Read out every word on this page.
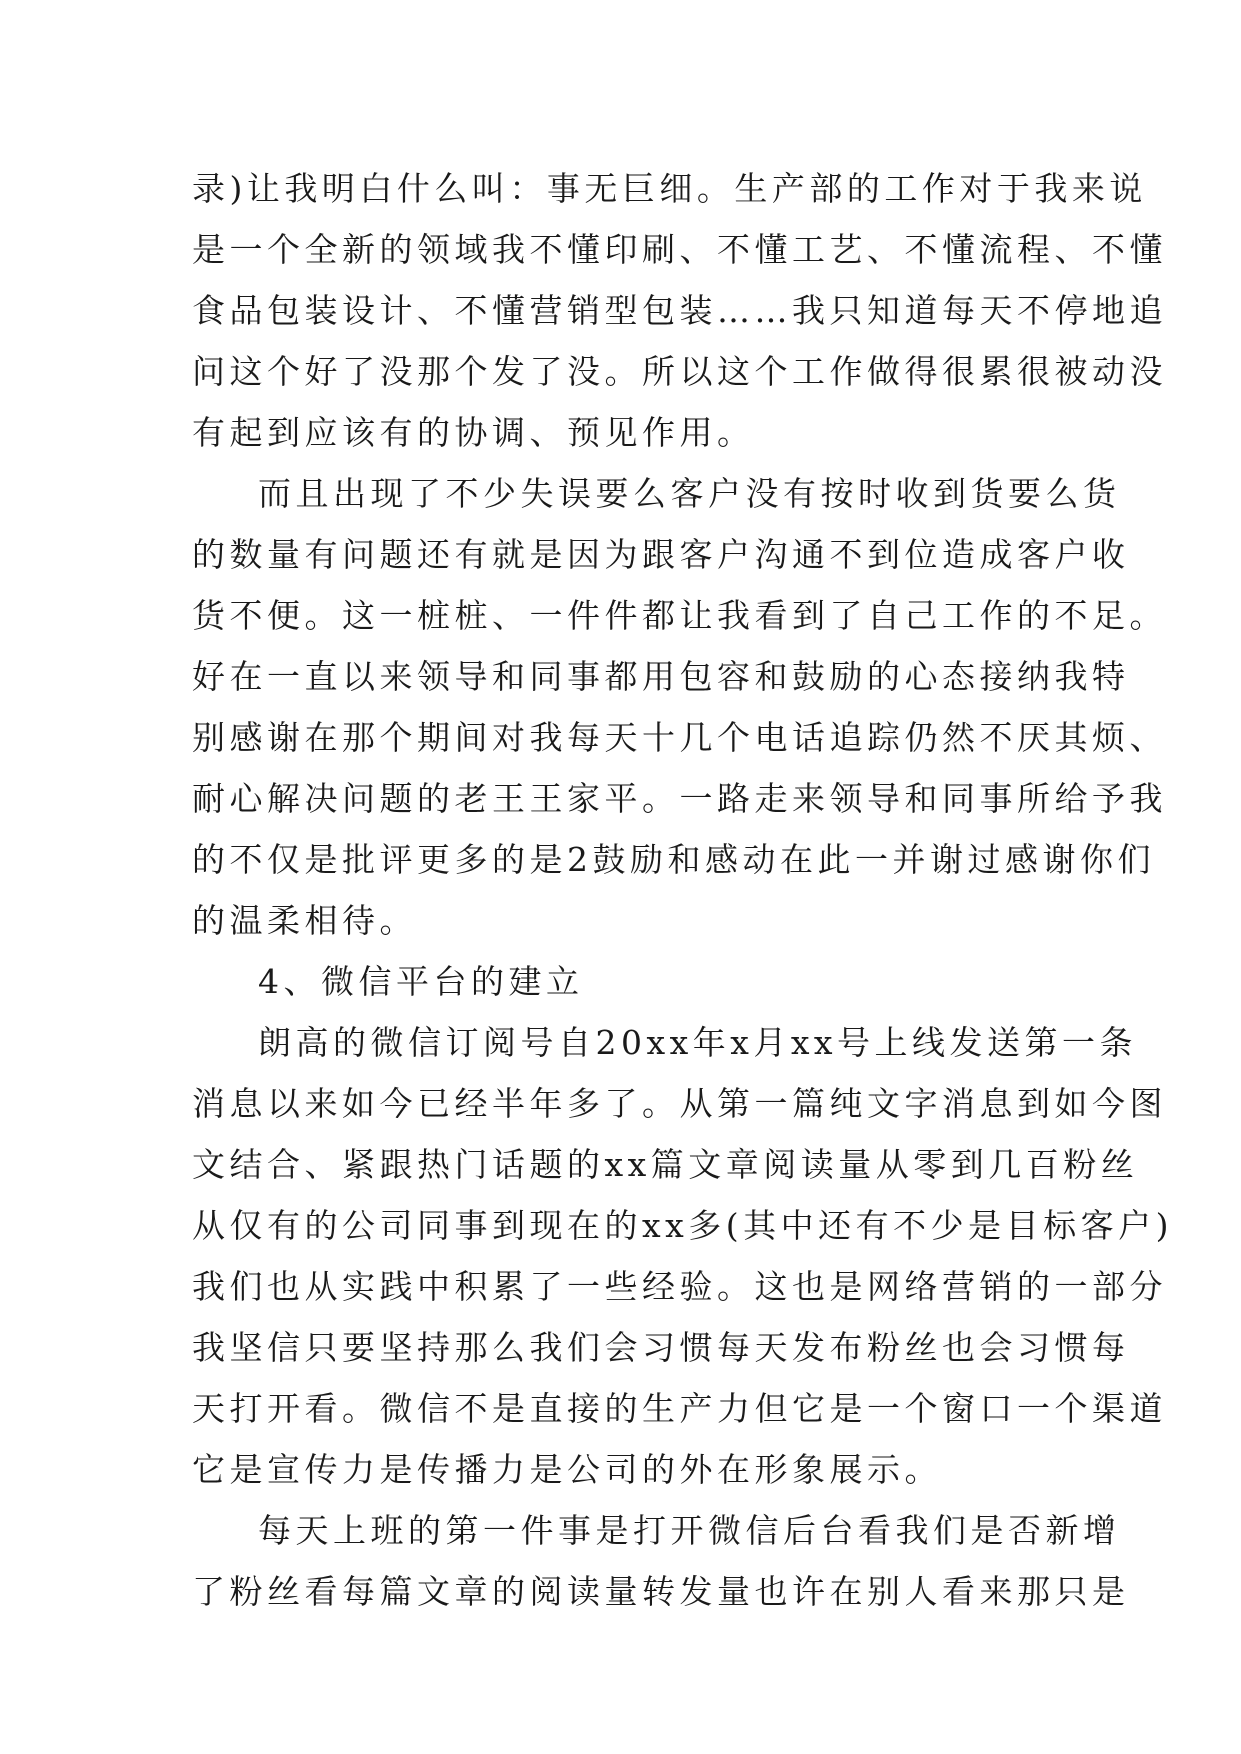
录)让我明白什么叫：事无巨细。生产部的工作对于我来说
是一个全新的领域我不懂印刷、不懂工艺、不懂流程、不懂
食品包装设计、不懂营销型包装……我只知道每天不停地追
问这个好了没那个发了没。所以这个工作做得很累很被动没
有起到应该有的协调、预见作用。
而且出现了不少失误要么客户没有按时收到货要么货
的数量有问题还有就是因为跟客户沟通不到位造成客户收
货不便。这一桩桩、一件件都让我看到了自己工作的不足。
好在一直以来领导和同事都用包容和鼓励的心态接纳我特
别感谢在那个期间对我每天十几个电话追踪仍然不厌其烦、
耐心解决问题的老王王家平。一路走来领导和同事所给予我
的不仅是批评更多的是2鼓励和感动在此一并谢过感谢你们
的温柔相待。
4、微信平台的建立
朗高的微信订阅号自20xx年x月xx号上线发送第一条
消息以来如今已经半年多了。从第一篇纯文字消息到如今图
文结合、紧跟热门话题的xx篇文章阅读量从零到几百粉丝
从仅有的公司同事到现在的xx多(其中还有不少是目标客户)
我们也从实践中积累了一些经验。这也是网络营销的一部分
我坚信只要坚持那么我们会习惯每天发布粉丝也会习惯每
天打开看。微信不是直接的生产力但它是一个窗口一个渠道
它是宣传力是传播力是公司的外在形象展示。
每天上班的第一件事是打开微信后台看我们是否新增
了粉丝看每篇文章的阅读量转发量也许在别人看来那只是
